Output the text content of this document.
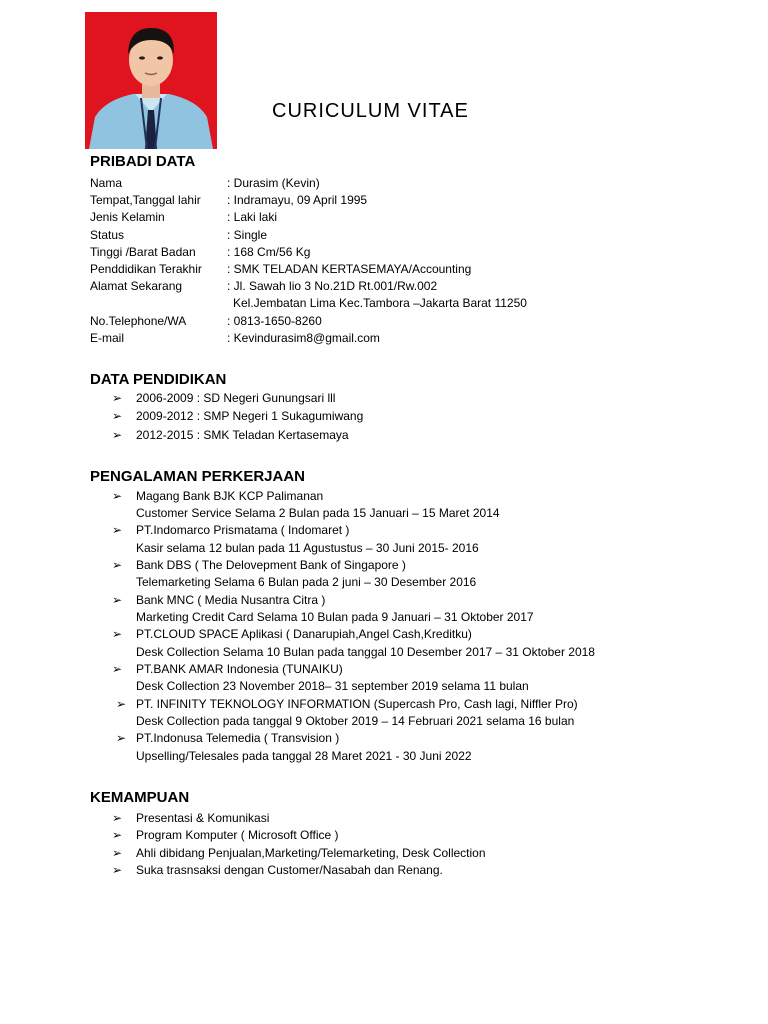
CURICULUM VITAE
PRIBADI DATA
Nama	: Durasim (Kevin)
Tempat,Tanggal lahir : Indramayu, 09 April 1995
Jenis Kelamin	: Laki laki
Status	: Single
Tinggi /Barat Badan	: 168 Cm/56 Kg
Penddidikan Terakhir : SMK TELADAN KERTASEMAYA/Accounting
Alamat Sekarang	: Jl. Sawah lio 3 No.21D Rt.001/Rw.002
Kel.Jembatan Lima Kec.Tambora –Jakarta Barat 11250
No.Telephone/WA	: 0813-1650-8260
E-mail	: Kevindurasim8@gmail.com
DATA PENDIDIKAN
➢	2006-2009 : SD Negeri Gunungsari lll
➢	2009-2012 : SMP Negeri 1 Sukagumiwang
➢	2012-2015 : SMK Teladan Kertasemaya
PENGALAMAN PERKERJAAN
➢	Magang Bank BJK KCP Palimanan
Customer Service Selama 2 Bulan pada 15 Januari – 15 Maret 2014
➢	PT.Indomarco Prismatama ( Indomaret )
Kasir selama 12 bulan pada 11 Agustustus – 30 Juni 2015- 2016
➢	Bank DBS ( The Delovepment Bank of Singapore )
Telemarketing Selama 6 Bulan pada 2 juni – 30 Desember 2016
➢	Bank MNC ( Media Nusantra Citra )
Marketing Credit Card Selama 10 Bulan pada 9 Januari – 31 Oktober 2017
➢	PT.CLOUD SPACE Aplikasi ( Danarupiah,Angel Cash,Kreditku)
Desk Collection Selama 10 Bulan pada tanggal 10 Desember 2017 – 31 Oktober 2018
➢	PT.BANK AMAR Indonesia (TUNAIKU)
Desk Collection 23 November 2018– 31 september 2019 selama 11 bulan
➢ PT. INFINITY TEKNOLOGY INFORMATION (Supercash Pro, Cash lagi, Niffler Pro)
Desk Collection pada tanggal 9 Oktober 2019 – 14 Februari 2021 selama 16 bulan
➢ PT.Indonusa Telemedia ( Transvision )
Upselling/Telesales pada tanggal 28 Maret 2021 - 30 Juni 2022
KEMAMPUAN
➢	Presentasi & Komunikasi
➢	Program Komputer ( Microsoft Office )
➢	Ahli dibidang Penjualan,Marketing/Telemarketing, Desk Collection
➢	Suka trasnsaksi dengan Customer/Nasabah dan Renang.
